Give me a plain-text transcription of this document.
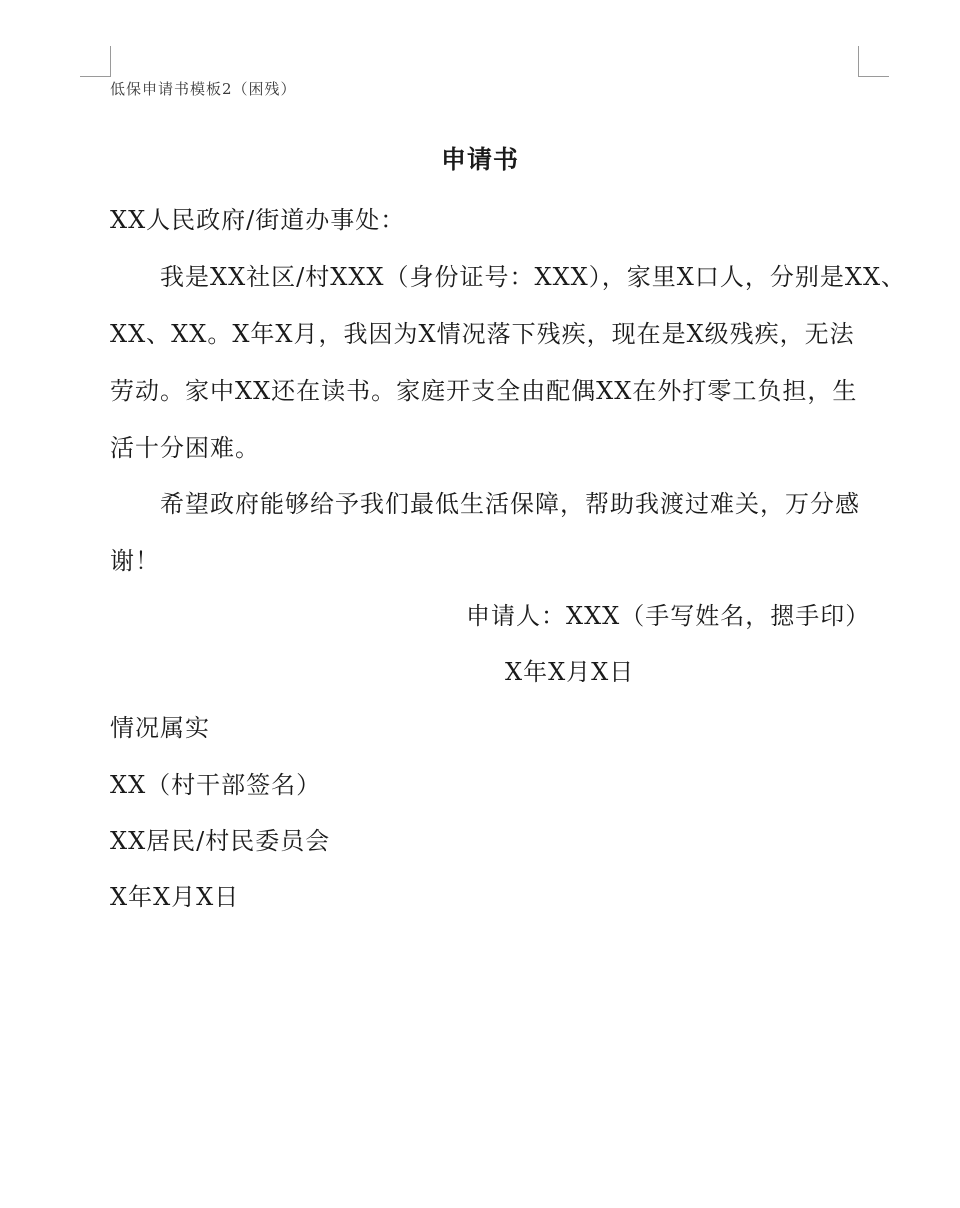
低保申请书模板2（困残）
申请书
XX人民政府/街道办事处：
我是XX社区/村XXX（身份证号：XXX），家里X口人，分别是XX、
XX、XX。X年X月，我因为X情况落下残疾，现在是X级残疾，无法
劳动。家中XX还在读书。家庭开支全由配偶XX在外打零工负担，生
活十分困难。
希望政府能够给予我们最低生活保障，帮助我渡过难关，万分感
谢！
申请人：XXX（手写姓名，摁手印）
X年X月X日
情况属实
XX（村干部签名）
XX居民/村民委员会
X年X月X日
